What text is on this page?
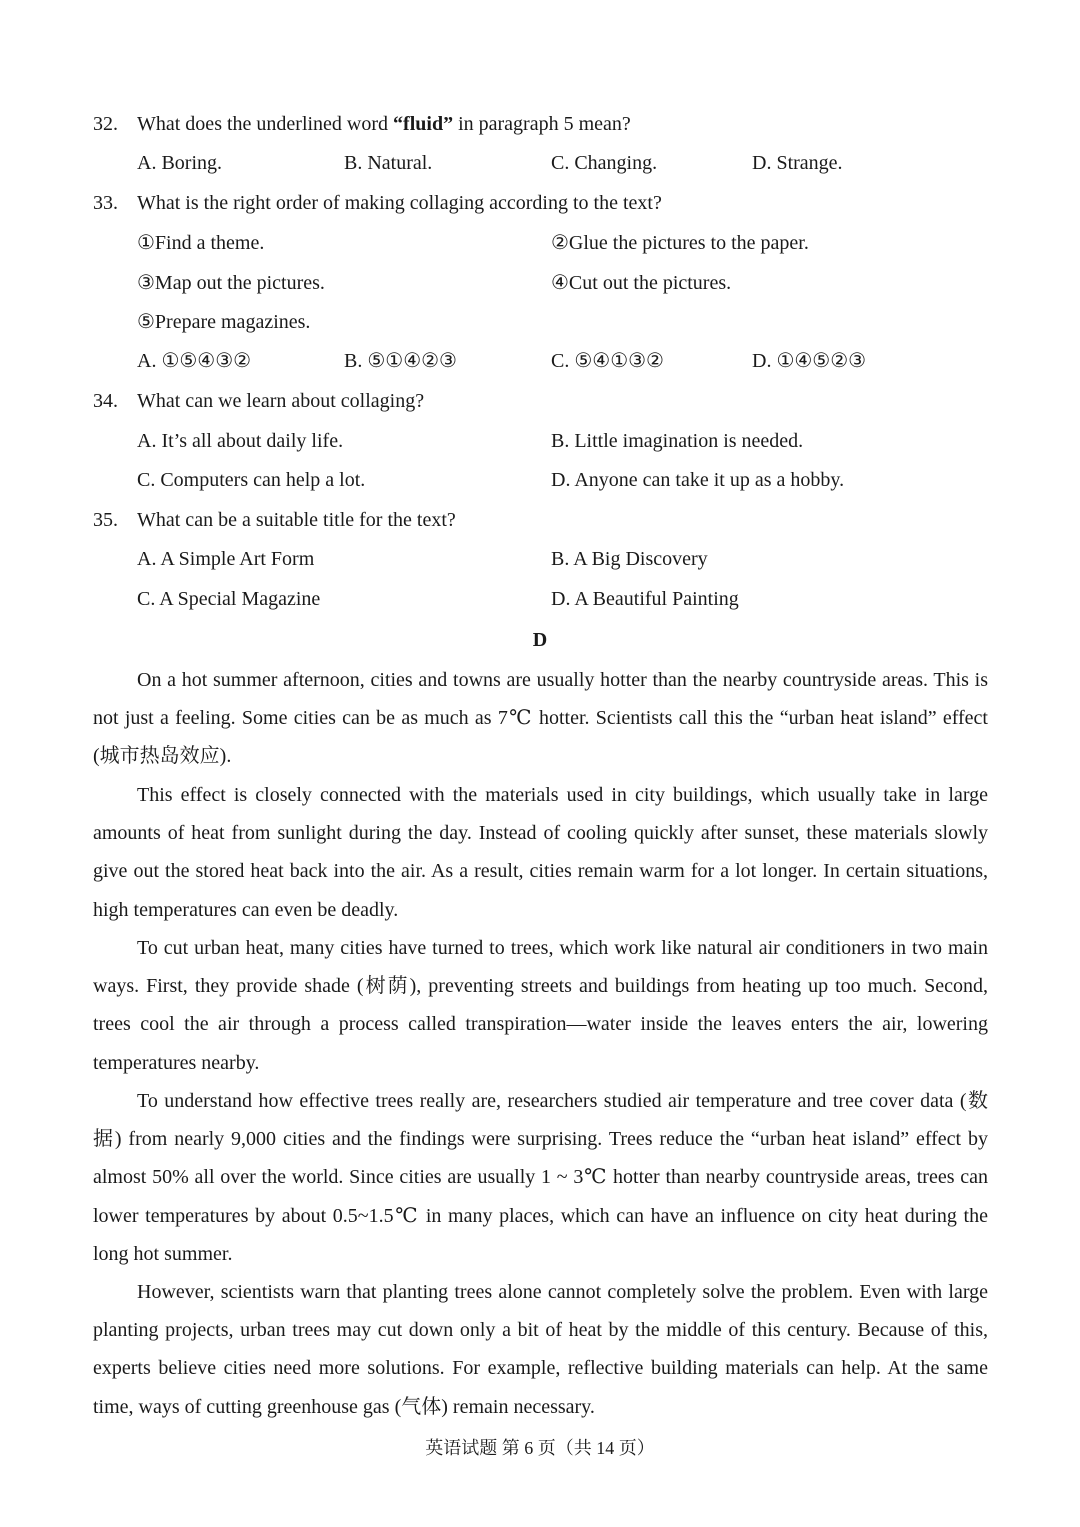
32. What does the underlined word “fluid” in paragraph 5 mean?
A. Boring.	B. Natural.	C. Changing.	D. Strange.
33. What is the right order of making collaging according to the text?
①Find a theme.	②Glue the pictures to the paper.
③Map out the pictures.	④Cut out the pictures.
⑤Prepare magazines.
A. ①⑤④③②	B. ⑤①④②③	C. ⑤④①③②	D. ①④⑤②③
34. What can we learn about collaging?
A. It’s all about daily life.	B. Little imagination is needed.
C. Computers can help a lot.	D. Anyone can take it up as a hobby.
35. What can be a suitable title for the text?
A. A Simple Art Form	B. A Big Discovery
C. A Special Magazine	D. A Beautiful Painting
D

On a hot summer afternoon, cities and towns are usually hotter than the nearby countryside areas. This is not just a feeling. Some cities can be as much as 7℃ hotter. Scientists call this the “urban heat island” effect (城市热岛效应).

This effect is closely connected with the materials used in city buildings, which usually take in large amounts of heat from sunlight during the day. Instead of cooling quickly after sunset, these materials slowly give out the stored heat back into the air. As a result, cities remain warm for a lot longer. In certain situations, high temperatures can even be deadly.

To cut urban heat, many cities have turned to trees, which work like natural air conditioners in two main ways. First, they provide shade (树荫), preventing streets and buildings from heating up too much. Second, trees cool the air through a process called transpiration—water inside the leaves enters the air, lowering temperatures nearby.

To understand how effective trees really are, researchers studied air temperature and tree cover data (数据) from nearly 9,000 cities and the findings were surprising. Trees reduce the “urban heat island” effect by almost 50% all over the world. Since cities are usually 1 ~ 3℃ hotter than nearby countryside areas, trees can lower temperatures by about 0.5~1.5℃ in many places, which can have an influence on city heat during the long hot summer.

However, scientists warn that planting trees alone cannot completely solve the problem. Even with large planting projects, urban trees may cut down only a bit of heat by the middle of this century. Because of this, experts believe cities need more solutions. For example, reflective building materials can help. At the same time, ways of cutting greenhouse gas (气体) remain necessary.

英语试题 第 6 页（共 14 页）
